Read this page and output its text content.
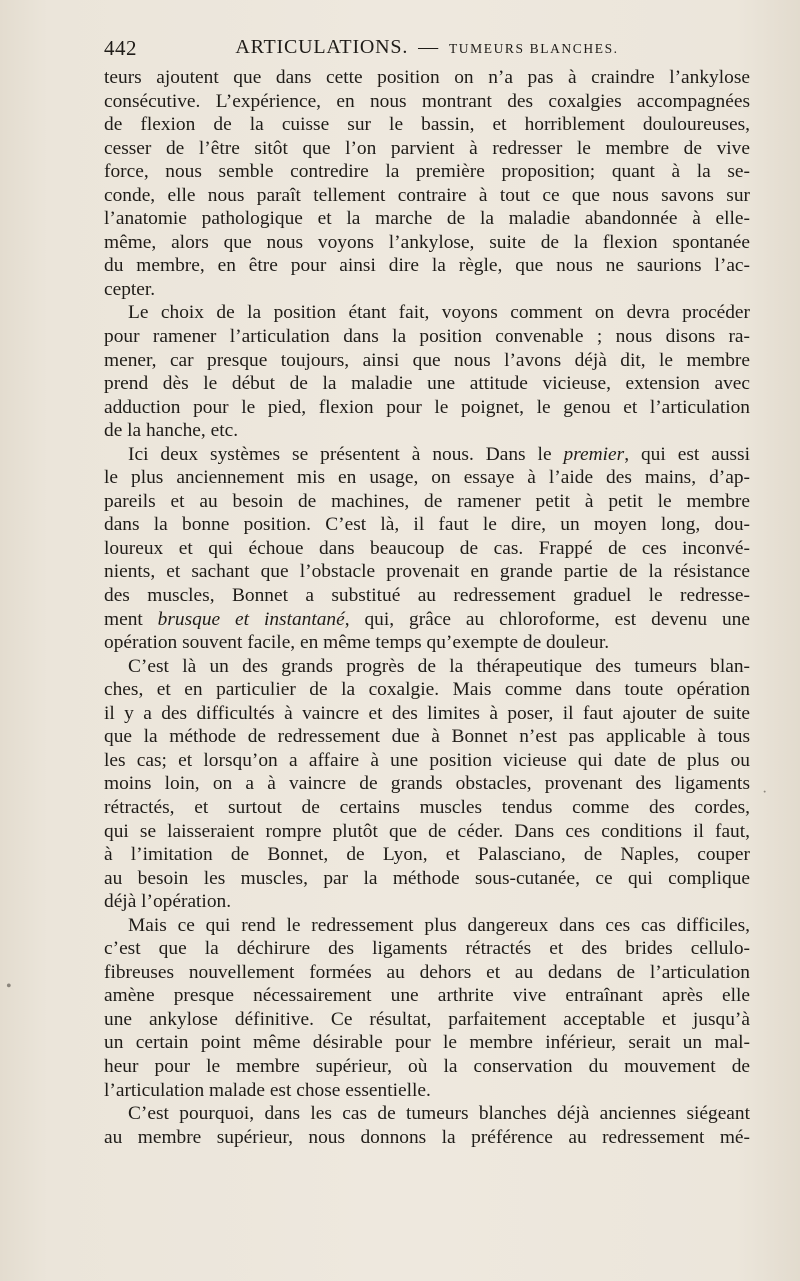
442	ARTICULATIONS. — TUMEURS BLANCHES.
teurs ajoutent que dans cette position on n’a pas à craindre l’ankylose
consécutive. L’expérience, en nous montrant des coxalgies accompagnées
de flexion de la cuisse sur le bassin, et horriblement douloureuses,
cesser de l’être sitôt que l’on parvient à redresser le membre de vive
force, nous semble contredire la première proposition; quant à la se-
conde, elle nous paraît tellement contraire à tout ce que nous savons sur
l’anatomie pathologique et la marche de la maladie abandonnée à elle-
même, alors que nous voyons l’ankylose, suite de la flexion spontanée
du membre, en être pour ainsi dire la règle, que nous ne saurions l’ac-
cepter.
Le choix de la position étant fait, voyons comment on devra procéder
pour ramener l’articulation dans la position convenable ; nous disons ra-
mener, car presque toujours, ainsi que nous l’avons déjà dit, le membre
prend dès le début de la maladie une attitude vicieuse, extension avec
adduction pour le pied, flexion pour le poignet, le genou et l’articulation
de la hanche, etc.
Ici deux systèmes se présentent à nous. Dans le premier, qui est aussi
le plus anciennement mis en usage, on essaye à l’aide des mains, d’ap-
pareils et au besoin de machines, de ramener petit à petit le membre
dans la bonne position. C’est là, il faut le dire, un moyen long, dou-
loureux et qui échoue dans beaucoup de cas. Frappé de ces inconvé-
nients, et sachant que l’obstacle provenait en grande partie de la résistance
des muscles, Bonnet a substitué au redressement graduel le redresse-
ment brusque et instantané, qui, grâce au chloroforme, est devenu une
opération souvent facile, en même temps qu’exempte de douleur.
C’est là un des grands progrès de la thérapeutique des tumeurs blan-
ches, et en particulier de la coxalgie. Mais comme dans toute opération
il y a des difficultés à vaincre et des limites à poser, il faut ajouter de suite
que la méthode de redressement due à Bonnet n’est pas applicable à tous
les cas; et lorsqu’on a affaire à une position vicieuse qui date de plus ou
moins loin, on a à vaincre de grands obstacles, provenant des ligaments
rétractés, et surtout de certains muscles tendus comme des cordes,
qui se laisseraient rompre plutôt que de céder. Dans ces conditions il faut,
à l’imitation de Bonnet, de Lyon, et Palasciano, de Naples, couper
au besoin les muscles, par la méthode sous-cutanée, ce qui complique
déjà l’opération.
Mais ce qui rend le redressement plus dangereux dans ces cas difficiles,
c’est que la déchirure des ligaments rétractés et des brides cellulo-
fibreuses nouvellement formées au dehors et au dedans de l’articulation
amène presque nécessairement une arthrite vive entraînant après elle
une ankylose définitive. Ce résultat, parfaitement acceptable et jusqu’à
un certain point même désirable pour le membre inférieur, serait un mal-
heur pour le membre supérieur, où la conservation du mouvement de
l’articulation malade est chose essentielle.
C’est pourquoi, dans les cas de tumeurs blanches déjà anciennes siégeant
au membre supérieur, nous donnons la préférence au redressement mé-
·
•
